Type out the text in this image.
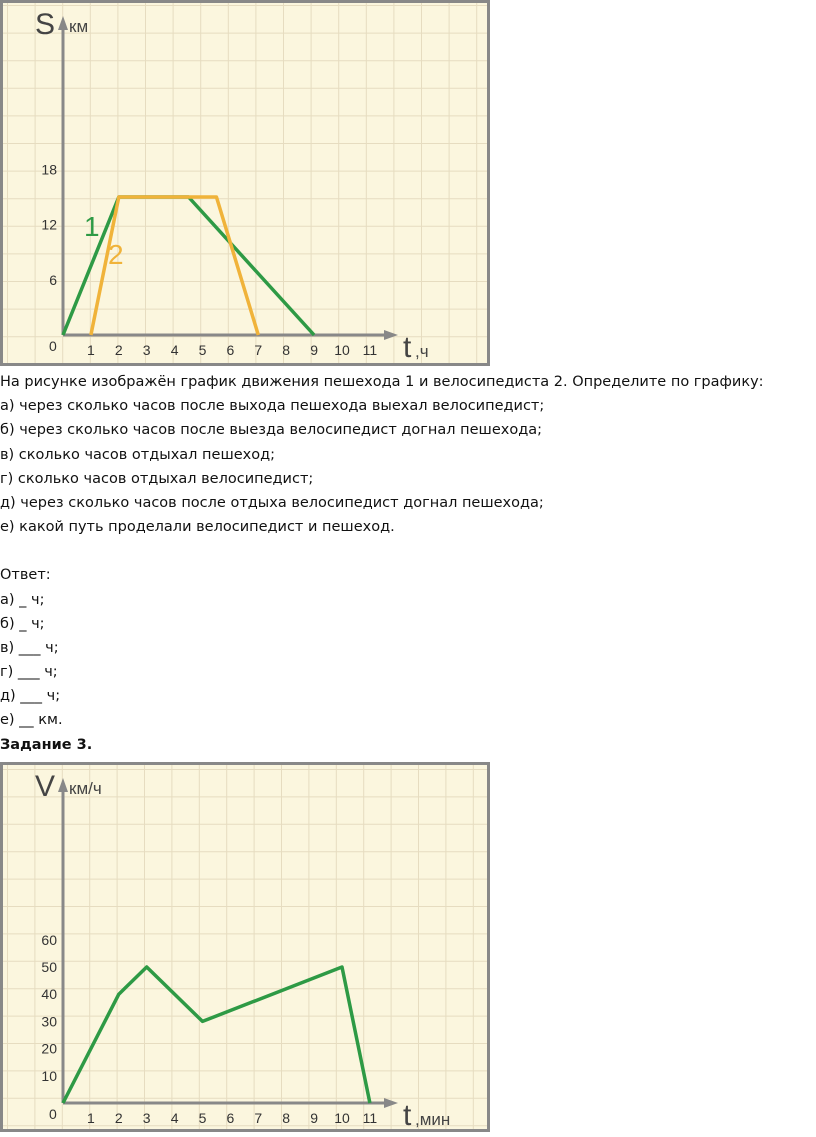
S км
t ,ч
0 1 2 3 4 5 6 7 8 9 10 11
6
12
18
1
2
На рисунке изображён график движения пешехода 1 и велосипедиста 2. Определите по графику:
а) через сколько часов после выхода пешехода выехал велосипедист;
б) через сколько часов после выезда велосипедист догнал пешехода;
в) сколько часов отдыхал пешеход;
г) сколько часов отдыхал велосипедист;
д) через сколько часов после отдыха велосипедист догнал пешехода;
е) какой путь проделали велосипедист и пешеход.
Ответ:
а) _ ч;
б) _ ч;
в) ___ ч;
г) ___ ч;
д) ___ ч;
е) __ км.
Задание 3.
V км/ч
t ,мин
0 1 2 3 4 5 6 7 8 9 10 11
10
20
30
40
50
60
